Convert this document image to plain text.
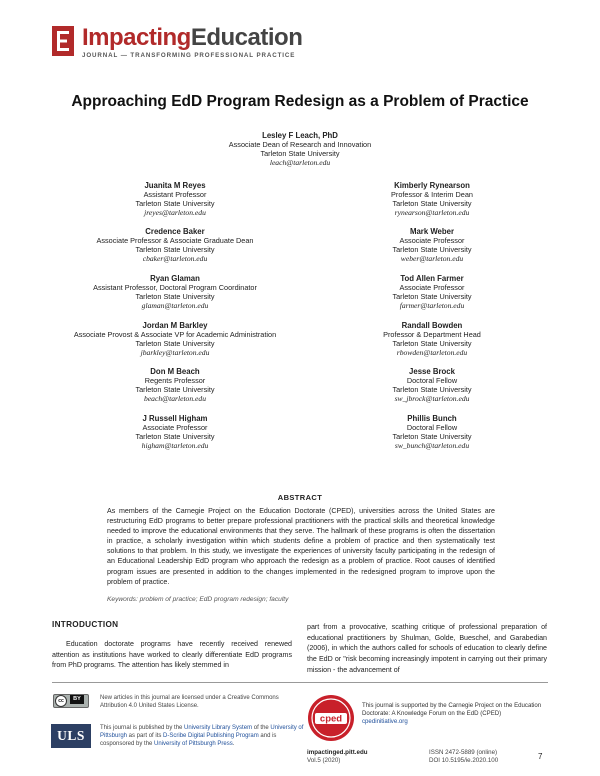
ImpactingEducation
JOURNAL — TRANSFORMING PROFESSIONAL PRACTICE
Approaching EdD Program Redesign as a Problem of Practice
Lesley F Leach, PhD
Associate Dean of Research and Innovation
Tarleton State University
leach@tarleton.edu
Juanita M Reyes
Assistant Professor
Tarleton State University
jreyes@tarleton.edu
Credence Baker
Associate Professor & Associate Graduate Dean
Tarleton State University
cbaker@tarleton.edu
Ryan Glaman
Assistant Professor, Doctoral Program Coordinator
Tarleton State University
glaman@tarleton.edu
Jordan M Barkley
Associate Provost & Associate VP for Academic Administration
Tarleton State University
jbarkley@tarleton.edu
Don M Beach
Regents Professor
Tarleton State University
beach@tarleton.edu
J Russell Higham
Associate Professor
Tarleton State University
higham@tarleton.edu
Kimberly Rynearson
Professor & Interim Dean
Tarleton State University
rynearson@tarleton.edu
Mark Weber
Associate Professor
Tarleton State University
weber@tarleton.edu
Tod Allen Farmer
Associate Professor
Tarleton State University
farmer@tarleton.edu
Randall Bowden
Professor & Department Head
Tarleton State University
rbowden@tarleton.edu
Jesse Brock
Doctoral Fellow
Tarleton State University
sw_jbrock@tarleton.edu
Phillis Bunch
Doctoral Fellow
Tarleton State University
sw_bunch@tarleton.edu
ABSTRACT
As members of the Carnegie Project on the Education Doctorate (CPED), universities across the United States are restructuring EdD programs to better prepare professional practitioners with the practical skills and theoretical knowledge needed to improve the educational environments that they serve. The hallmark of these programs is often the dissertation in practice, a scholarly investigation within which students define a problem of practice and then systematically test solutions to that problem. In this study, we investigate the experiences of university faculty participating in the redesign of an Educational Leadership EdD program who approach the redesign as a problem of practice. Root causes of identified program issues are presented in addition to the changes implemented in the redesigned program to improve upon the problem of practice.
Keywords: problem of practice; EdD program redesign; faculty
INTRODUCTION
Education doctorate programs have recently received renewed attention as institutions have worked to clearly differentiate EdD programs from PhD programs. The attention has likely stemmed in
part from a provocative, scathing critique of professional preparation of educational practitioners by Shulman, Golde, Bueschel, and Garabedian (2006), in which the authors called for schools of education to clearly define the EdD or "risk becoming increasingly impotent in carrying out their primary mission - the advancement of
cc	BY	New articles in this journal are licensed under a Creative Commons Attribution 4.0 United States License.
ULS	This journal is published by the University Library System of the University of Pittsburgh as part of its D-Scribe Digital Publishing Program and is cosponsored by the University of Pittsburgh Press.
cped
This journal is supported by the Carnegie Project on the Education Doctorate: A Knowledge Forum on the EdD (CPED) cpedinitiative.org
impactinged.pitt.edu
Vol.5 (2020)
ISSN 2472-5889 (online)
DOI 10.5195/ie.2020.100	7
